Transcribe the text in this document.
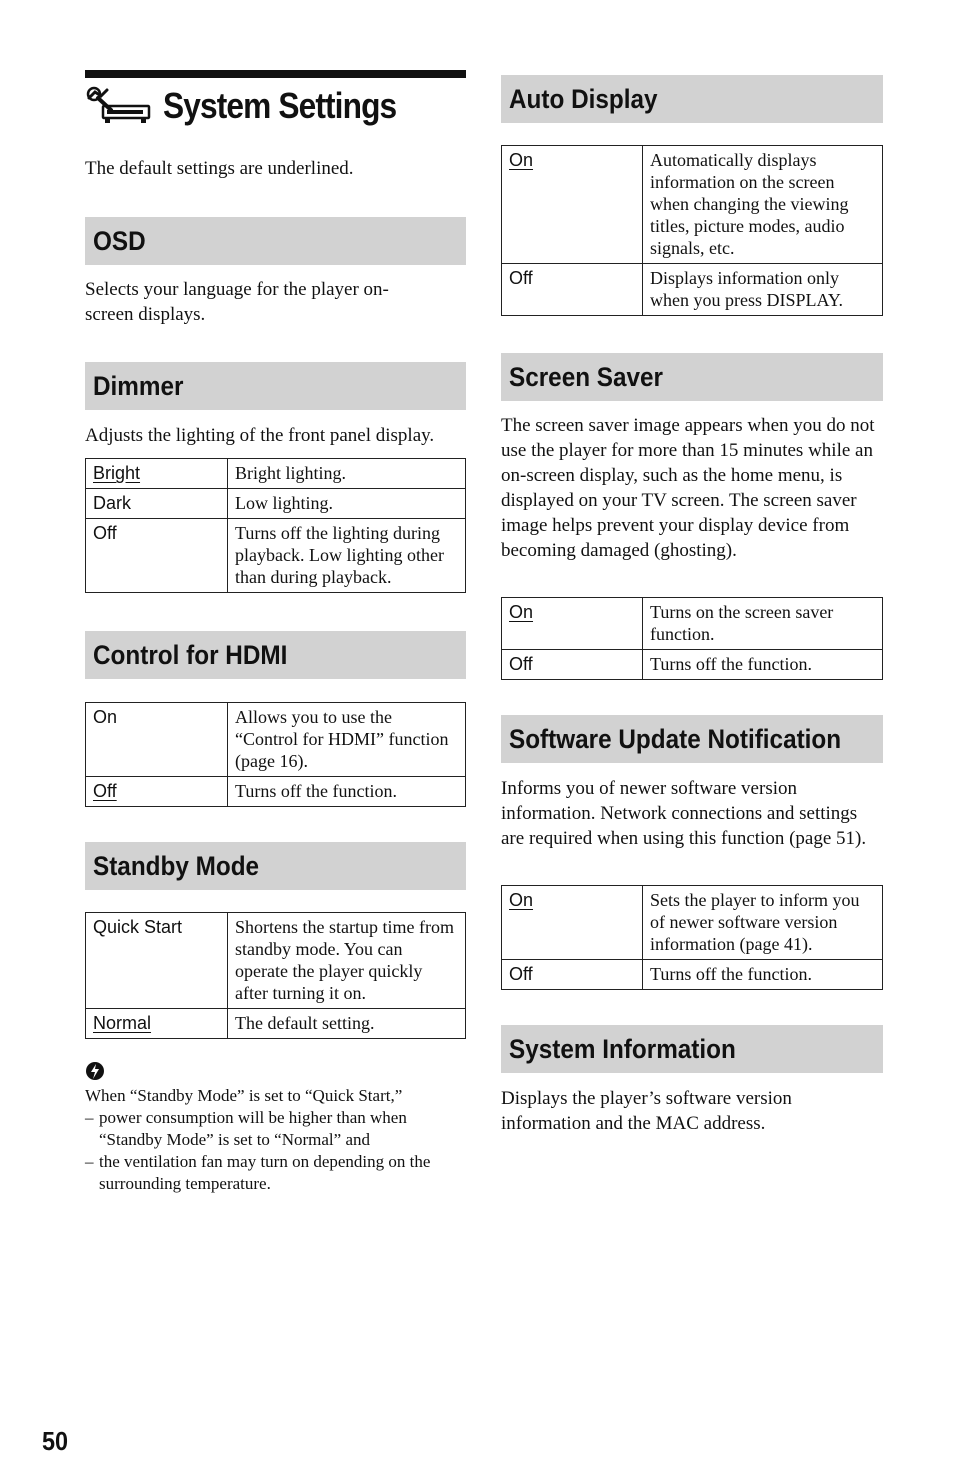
System Settings
The default settings are underlined.
OSD
Selects your language for the player on-
screen displays.
Dimmer
Adjusts the lighting of the front panel display.
Bright	Bright lighting.
Dark	Low lighting.
Off	Turns off the lighting during playback. Low lighting other than during playback.
Control for HDMI
On	Allows you to use the “Control for HDMI” function (page 16).
Off	Turns off the function.
Standby Mode
Quick Start	Shortens the startup time from standby mode. You can operate the player quickly after turning it on.
Normal	The default setting.
When “Standby Mode” is set to “Quick Start,”
– power consumption will be higher than when
“Standby Mode” is set to “Normal” and
– the ventilation fan may turn on depending on the
surrounding temperature.
Auto Display
On	Automatically displays information on the screen when changing the viewing titles, picture modes, audio signals, etc.
Off	Displays information only when you press DISPLAY.
Screen Saver
The screen saver image appears when you do not use the player for more than 15 minutes while an on-screen display, such as the home menu, is displayed on your TV screen. The screen saver image helps prevent your display device from becoming damaged (ghosting).
On	Turns on the screen saver function.
Off	Turns off the function.
Software Update Notification
Informs you of newer software version information. Network connections and settings are required when using this function (page 51).
On	Sets the player to inform you of newer software version information (page 41).
Off	Turns off the function.
System Information
Displays the player’s software version information and the MAC address.
50
